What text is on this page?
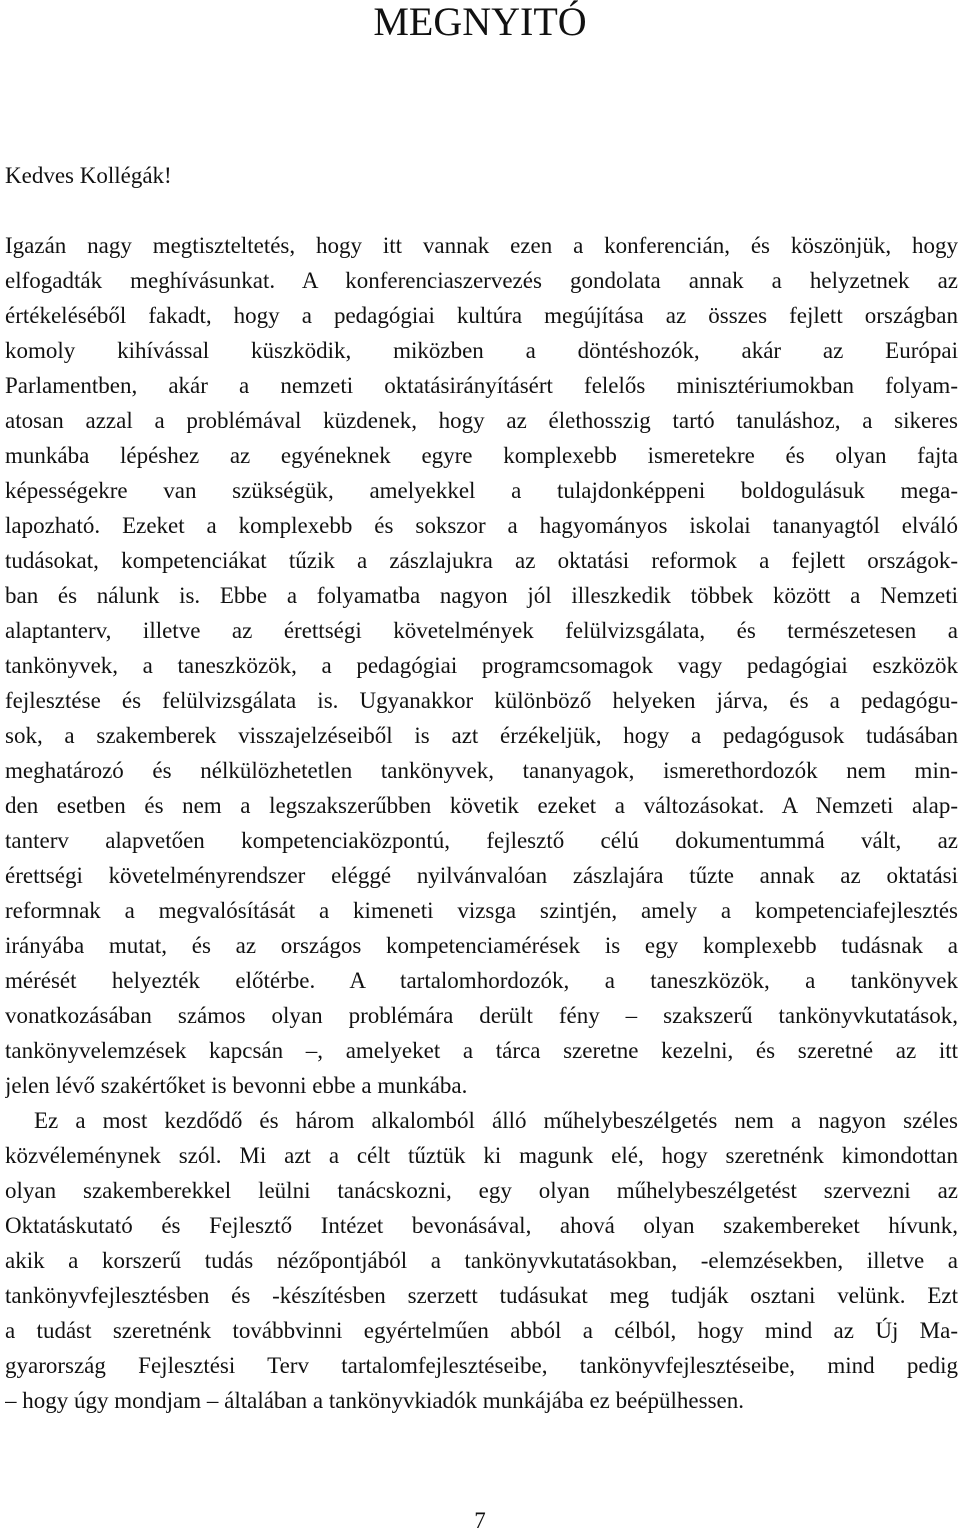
MEGNYITÓ
Kedves Kollégák!
Igazán nagy megtiszteltetés, hogy itt vannak ezen a konferencián, és köszönjük, hogy
elfogadták meghívásunkat. A konferenciaszervezés gondolata annak a helyzetnek az
értékeléséből fakadt, hogy a pedagógiai kultúra megújítása az összes fejlett országban
komoly kihívással küszködik, miközben a döntéshozók, akár az Európai
Parlamentben, akár a nemzeti oktatásirányításért felelős minisztériumokban folyam-
atosan azzal a problémával küzdenek, hogy az élethosszig tartó tanuláshoz, a sikeres
munkába lépéshez az egyéneknek egyre komplexebb ismeretekre és olyan fajta
képességekre van szükségük, amelyekkel a tulajdonképpeni boldogulásuk mega-
lapozható. Ezeket a komplexebb és sokszor a hagyományos iskolai tananyagtól elváló
tudásokat, kompetenciákat tűzik a zászlajukra az oktatási reformok a fejlett országok-
ban és nálunk is. Ebbe a folyamatba nagyon jól illeszkedik többek között a Nemzeti
alaptanterv, illetve az érettségi követelmények felülvizsgálata, és természetesen a
tankönyvek, a taneszközök, a pedagógiai programcsomagok vagy pedagógiai eszközök
fejlesztése és felülvizsgálata is. Ugyanakkor különböző helyeken járva, és a pedagógu-
sok, a szakemberek visszajelzéseiből is azt érzékeljük, hogy a pedagógusok tudásában
meghatározó és nélkülözhetetlen tankönyvek, tananyagok, ismerethordozók nem min-
den esetben és nem a legszakszerűbben követik ezeket a változásokat. A Nemzeti alap-
tanterv alapvetően kompetenciaközpontú, fejlesztő célú dokumentummá vált, az
érettségi követelményrendszer eléggé nyilvánvalóan zászlajára tűzte annak az oktatási
reformnak a megvalósítását a kimeneti vizsga szintjén, amely a kompetenciafejlesztés
irányába mutat, és az országos kompetenciamérések is egy komplexebb tudásnak a
mérését helyezték előtérbe. A tartalomhordozók, a taneszközök, a tankönyvek
vonatkozásában számos olyan problémára derült fény – szakszerű tankönyvkutatások,
tankönyvelemzések kapcsán –, amelyeket a tárca szeretne kezelni, és szeretné az itt
jelen lévő szakértőket is bevonni ebbe a munkába.
Ez a most kezdődő és három alkalomból álló műhelybeszélgetés nem a nagyon széles
közvéleménynek szól. Mi azt a célt tűztük ki magunk elé, hogy szeretnénk kimondottan
olyan szakemberekkel leülni tanácskozni, egy olyan műhelybeszélgetést szervezni az
Oktatáskutató és Fejlesztő Intézet bevonásával, ahová olyan szakembereket hívunk,
akik a korszerű tudás nézőpontjából a tankönyvkutatásokban, -elemzésekben, illetve a
tankönyvfejlesztésben és -készítésben szerzett tudásukat meg tudják osztani velünk. Ezt
a tudást szeretnénk továbbvinni egyértelműen abból a célból, hogy mind az Új Ma-
gyarország Fejlesztési Terv tartalomfejlesztéseibe, tankönyvfejlesztéseibe, mind pedig
– hogy úgy mondjam – általában a tankönyvkiadók munkájába ez beépülhessen.
7
